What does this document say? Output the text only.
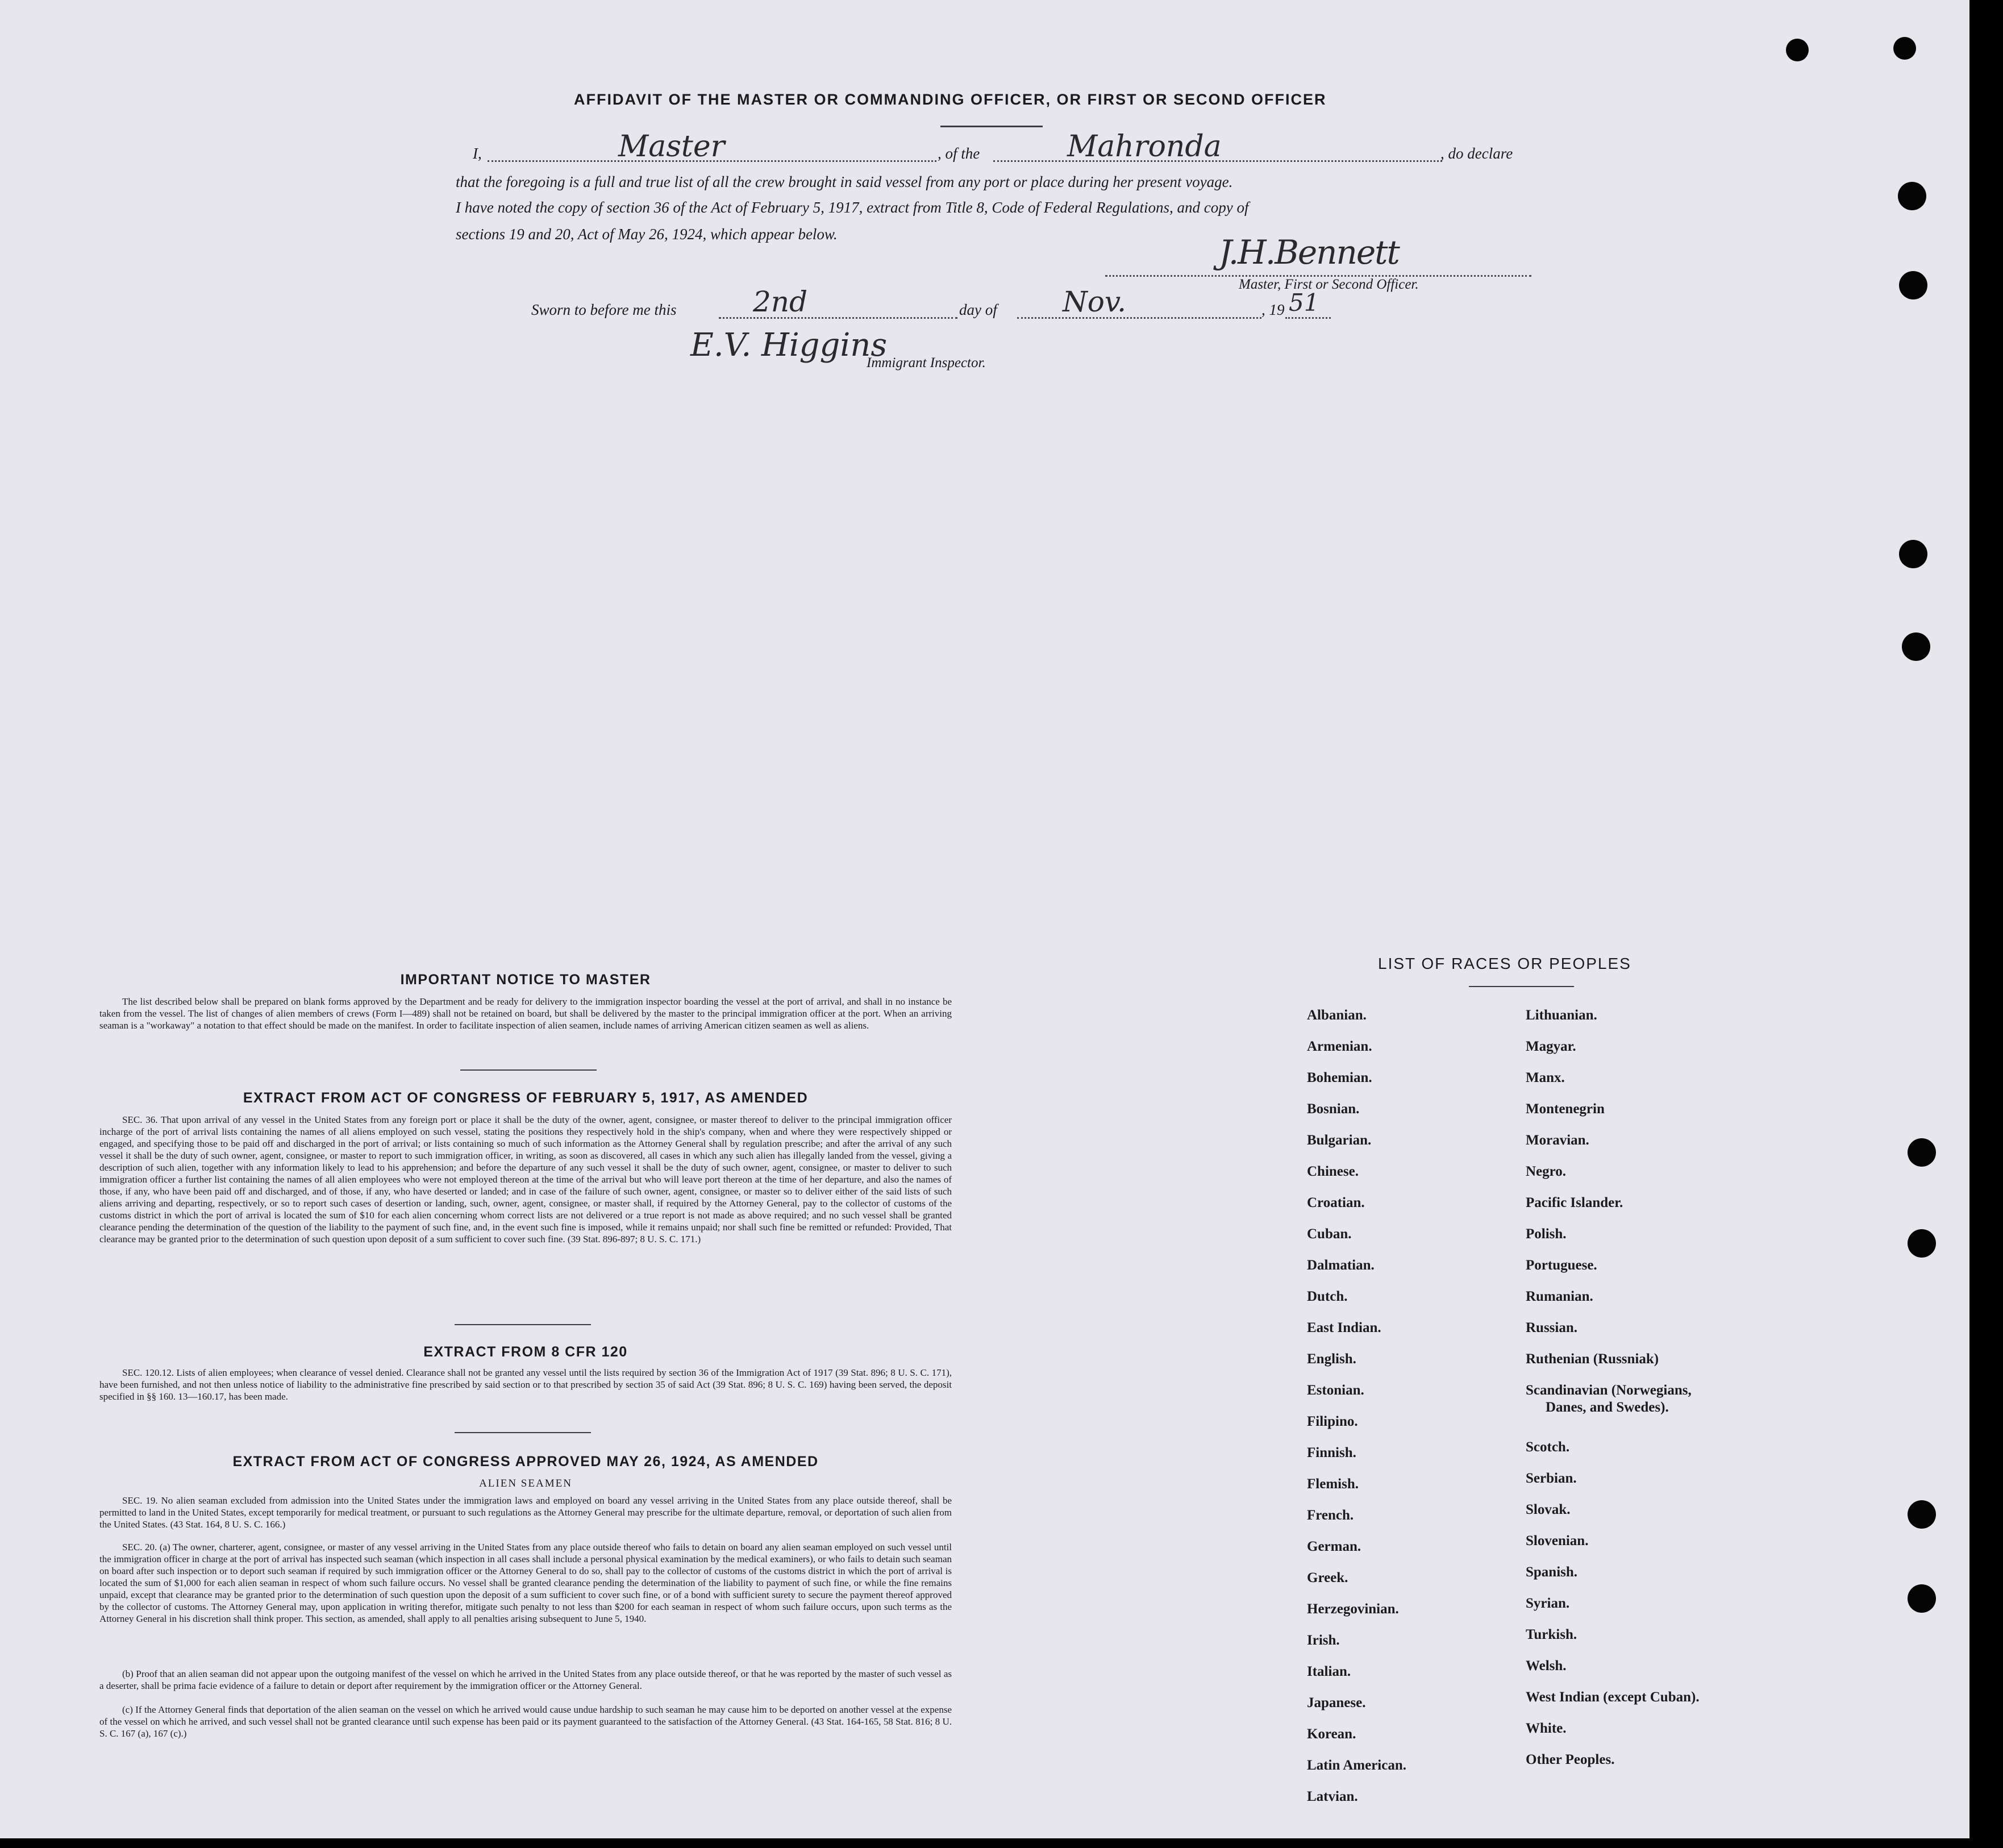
AFFIDAVIT OF THE MASTER OR COMMANDING OFFICER, OR FIRST OR SECOND OFFICER
I,	Master	, of the	Mahronda	, do declare
that the foregoing is a full and true list of all the crew brought in said vessel from any port or place during her present voyage.
I have noted the copy of section 36 of the Act of February 5, 1917, extract from Title 8, Code of Federal Regulations, and copy of
sections 19 and 20, Act of May 26, 1924, which appear below.	J.H.Bennett
Master, First or Second Officer.
Sworn to before me this	2nd	day of Nov.	, 19 51
E.V. Higgins
Immigrant Inspector.
IMPORTANT NOTICE TO MASTER
The list described below shall be prepared on blank forms approved by the Department and be ready for delivery to the immigration inspector boarding the vessel at the port of arrival, and shall in no instance be taken from the vessel. The list of changes of alien members of crews (Form I—489) shall not be retained on board, but shall be delivered by the master to the principal immigration officer at the port. When an arriving seaman is a "workaway" a notation to that effect should be made on the manifest. In order to facilitate inspection of alien seamen, include names of arriving American citizen seamen as well as aliens.
EXTRACT FROM ACT OF CONGRESS OF FEBRUARY 5, 1917, AS AMENDED
SEC. 36. That upon arrival of any vessel in the United States from any foreign port or place it shall be the duty of the owner, agent, consignee, or master thereof to deliver to the principal immigration officer incharge of the port of arrival lists containing the names of all aliens employed on such vessel, stating the positions they respectively hold in the ship's company, when and where they were respectively shipped or engaged, and specifying those to be paid off and discharged in the port of arrival; or lists containing so much of such information as the Attorney General shall by regulation prescribe; and after the arrival of any such vessel it shall be the duty of such owner, agent, consignee, or master to report to such immigration officer, in writing, as soon as discovered, all cases in which any such alien has illegally landed from the vessel, giving a description of such alien, together with any information likely to lead to his apprehension; and before the departure of any such vessel it shall be the duty of such owner, agent, consignee, or master to deliver to such immigration officer a further list containing the names of all alien employees who were not employed thereon at the time of the arrival but who will leave port thereon at the time of her departure, and also the names of those, if any, who have been paid off and discharged, and of those, if any, who have deserted or landed; and in case of the failure of such owner, agent, consignee, or master so to deliver either of the said lists of such aliens arriving and departing, respectively, or so to report such cases of desertion or landing, such, owner, agent, consignee, or master shall, if required by the Attorney General, pay to the collector of customs of the customs district in which the port of arrival is located the sum of $10 for each alien concerning whom correct lists are not delivered or a true report is not made as above required; and no such vessel shall be granted clearance pending the determination of the question of the liability to the payment of such fine, and, in the event such fine is imposed, while it remains unpaid; nor shall such fine be remitted or refunded: Provided, That clearance may be granted prior to the determination of such question upon deposit of a sum sufficient to cover such fine. (39 Stat. 896-897; 8 U. S. C. 171.)
EXTRACT FROM 8 CFR 120
SEC. 120.12. Lists of alien employees; when clearance of vessel denied. Clearance shall not be granted any vessel until the lists required by section 36 of the Immigration Act of 1917 (39 Stat. 896; 8 U. S. C. 171), have been furnished, and not then unless notice of liability to the administrative fine prescribed by said section or to that prescribed by section 35 of said Act (39 Stat. 896; 8 U. S. C. 169) having been served, the deposit specified in §§ 160. 13—160.17, has been made.
EXTRACT FROM ACT OF CONGRESS APPROVED MAY 26, 1924, AS AMENDED
ALIEN SEAMEN
SEC. 19. No alien seaman excluded from admission into the United States under the immigration laws and employed on board any vessel arriving in the United States from any place outside thereof, shall be permitted to land in the United States, except temporarily for medical treatment, or pursuant to such regulations as the Attorney General may prescribe for the ultimate departure, removal, or deportation of such alien from the United States. (43 Stat. 164, 8 U. S. C. 166.)
SEC. 20. (a) The owner, charterer, agent, consignee, or master of any vessel arriving in the United States from any place outside thereof who fails to detain on board any alien seaman employed on such vessel until the immigration officer in charge at the port of arrival has inspected such seaman (which inspection in all cases shall include a personal physical examination by the medical examiners), or who fails to detain such seaman on board after such inspection or to deport such seaman if required by such immigration officer or the Attorney General to do so, shall pay to the collector of customs of the customs district in which the port of arrival is located the sum of $1,000 for each alien seaman in respect of whom such failure occurs. No vessel shall be granted clearance pending the determination of the liability to payment of such fine, or while the fine remains unpaid, except that clearance may be granted prior to the determination of such question upon the deposit of a sum sufficient to cover such fine, or of a bond with sufficient surety to secure the payment thereof approved by the collector of customs. The Attorney General may, upon application in writing therefor, mitigate such penalty to not less than $200 for each seaman in respect of whom such failure occurs, upon such terms as the Attorney General in his discretion shall think proper. This section, as amended, shall apply to all penalties arising subsequent to June 5, 1940.
(b) Proof that an alien seaman did not appear upon the outgoing manifest of the vessel on which he arrived in the United States from any place outside thereof, or that he was reported by the master of such vessel as a deserter, shall be prima facie evidence of a failure to detain or deport after requirement by the immigration officer or the Attorney General.
(c) If the Attorney General finds that deportation of the alien seaman on the vessel on which he arrived would cause undue hardship to such seaman he may cause him to be deported on another vessel at the expense of the vessel on which he arrived, and such vessel shall not be granted clearance until such expense has been paid or its payment guaranteed to the satisfaction of the Attorney General. (43 Stat. 164-165, 58 Stat. 816; 8 U. S. C. 167 (a), 167 (c).)
LIST OF RACES OR PEOPLES
Albanian.
Armenian.
Bohemian.
Bosnian.
Bulgarian.
Chinese.
Croatian.
Cuban.
Dalmatian.
Dutch.
East Indian.
English.
Estonian.
Filipino.
Finnish.
Flemish.
French.
German.
Greek.
Herzegovinian.
Irish.
Italian.
Japanese.
Korean.
Latin American.
Latvian.
Lithuanian.
Magyar.
Manx.
Montenegrin
Moravian.
Negro.
Pacific Islander.
Polish.
Portuguese.
Rumanian.
Russian.
Ruthenian (Russniak)
Scandinavian (Norwegians,
Danes, and Swedes).
Scotch.
Serbian.
Slovak.
Slovenian.
Spanish.
Syrian.
Turkish.
Welsh.
West Indian (except Cuban).
White.
Other Peoples.
